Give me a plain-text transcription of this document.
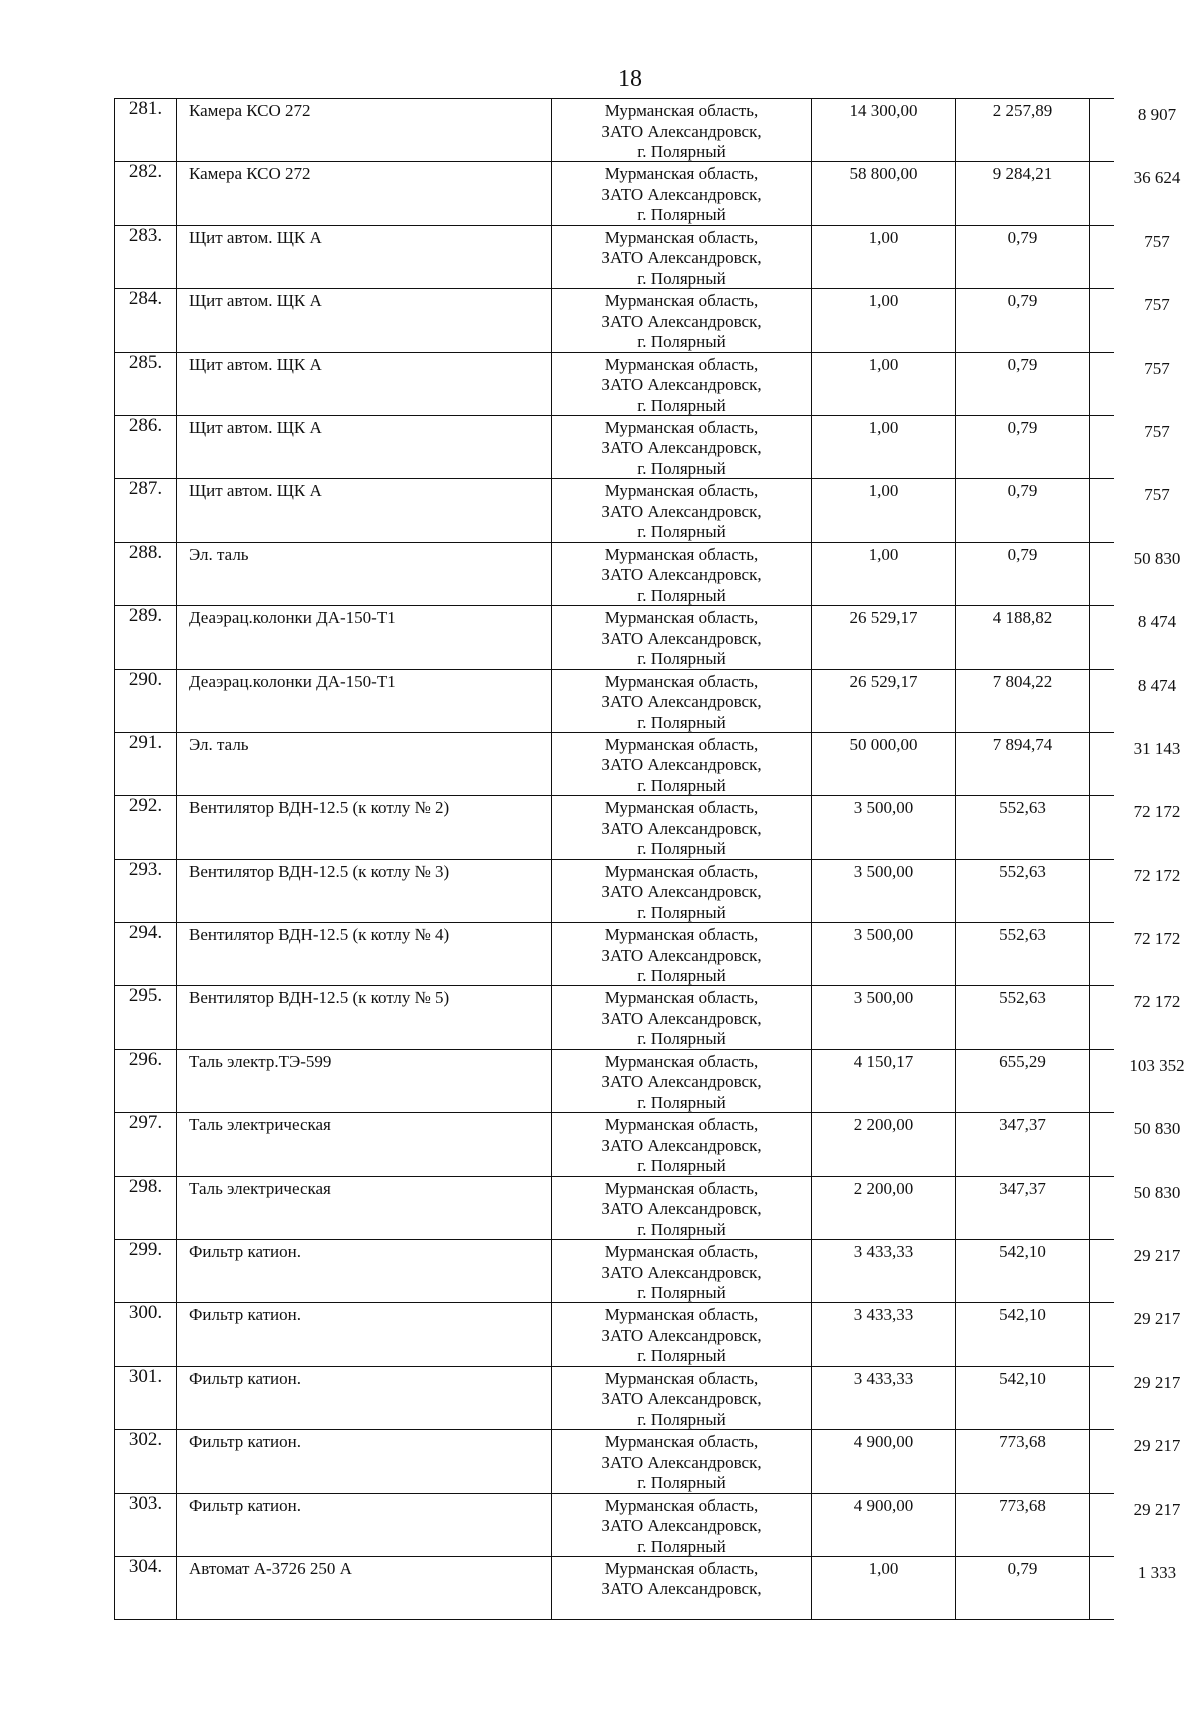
18
281.	Камера КСО 272	Мурманская область,
ЗАТО Александровск,
г. Полярный
14 300,00	2 257,89	8 907
282.	Камера КСО 272	Мурманская область,
ЗАТО Александровск,
г. Полярный
58 800,00	9 284,21	36 624
283.	Щит автом. ЩК А	Мурманская область,
ЗАТО Александровск,
г. Полярный
1,00	0,79	757
284.	Щит автом. ЩК А	Мурманская область,
ЗАТО Александровск,
г. Полярный
1,00	0,79	757
285.	Щит автом. ЩК А	Мурманская область,
ЗАТО Александровск,
г. Полярный
1,00	0,79	757
286.	Щит автом. ЩК А	Мурманская область,
ЗАТО Александровск,
г. Полярный
1,00	0,79	757
287.	Щит автом. ЩК А	Мурманская область,
ЗАТО Александровск,
г. Полярный
1,00	0,79	757
288.	Эл. таль	Мурманская область,
ЗАТО Александровск,
г. Полярный
1,00	0,79	50 830
289.	Деаэрац.колонки ДА-150-Т1	Мурманская область,
ЗАТО Александровск,
г. Полярный
26 529,17	4 188,82	8 474
290.	Деаэрац.колонки ДА-150-Т1	Мурманская область,
ЗАТО Александровск,
г. Полярный
26 529,17	7 804,22	8 474
291.	Эл. таль	Мурманская область,
ЗАТО Александровск,
г. Полярный
50 000,00	7 894,74	31 143
292.	Вентилятор ВДН-12.5 (к котлу № 2)	Мурманская область,
ЗАТО Александровск,
г. Полярный
3 500,00	552,63	72 172
293.	Вентилятор ВДН-12.5 (к котлу № 3)	Мурманская область,
ЗАТО Александровск,
г. Полярный
3 500,00	552,63	72 172
294.	Вентилятор ВДН-12.5 (к котлу № 4)	Мурманская область,
ЗАТО Александровск,
г. Полярный
3 500,00	552,63	72 172
295.	Вентилятор ВДН-12.5 (к котлу № 5)	Мурманская область,
ЗАТО Александровск,
г. Полярный
3 500,00	552,63	72 172
296.	Таль электр.ТЭ-599	Мурманская область,
ЗАТО Александровск,
г. Полярный
4 150,17	655,29	103 352
297.	Таль электрическая	Мурманская область,
ЗАТО Александровск,
г. Полярный
2 200,00	347,37	50 830
298.	Таль электрическая	Мурманская область,
ЗАТО Александровск,
г. Полярный
2 200,00	347,37	50 830
299.	Фильтр катион.	Мурманская область,
ЗАТО Александровск,
г. Полярный
3 433,33	542,10	29 217
300.	Фильтр катион.	Мурманская область,
ЗАТО Александровск,
г. Полярный
3 433,33	542,10	29 217
301.	Фильтр катион.	Мурманская область,
ЗАТО Александровск,
г. Полярный
3 433,33	542,10	29 217
302.	Фильтр катион.	Мурманская область,
ЗАТО Александровск,
г. Полярный
4 900,00	773,68	29 217
303.	Фильтр катион.	Мурманская область,
ЗАТО Александровск,
г. Полярный
4 900,00	773,68	29 217
304.	Автомат А-3726 250 А	Мурманская область,
ЗАТО Александровск,
1,00	0,79	1 333
